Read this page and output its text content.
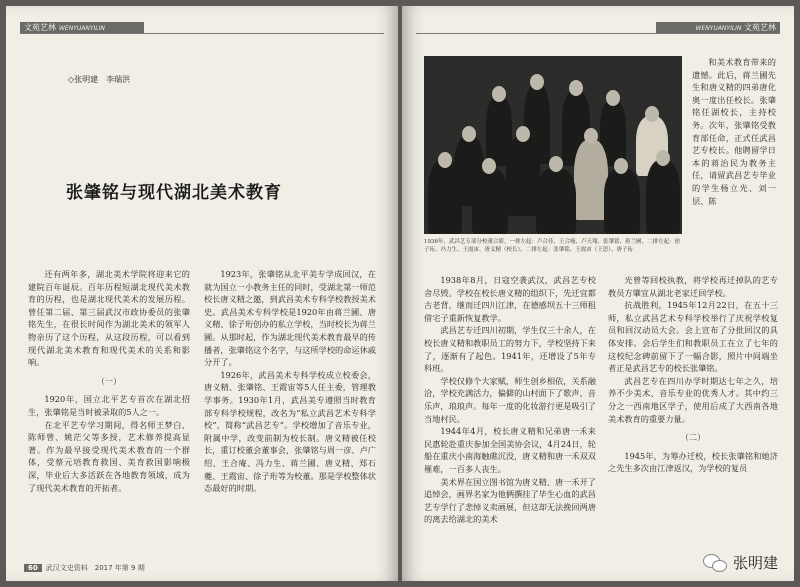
文苑艺林 WENYUANYILIN
◇张明建　李瑞洪
张肇铭与现代湖北美术教育

还有两年多，湖北美术学院将迎来它的建院百年诞辰。百年历程短湖北现代美术教育的历程，也是湖北现代美术的发展历程。曾任第二届、第三届武汉市政协委员的张肇铭先生，在很长时间作为湖北美术的领军人物亲历了这个历程，从这段历程，可以看到现代湖北美术教育和现代美术的关系和影响。

（一）

1920年，国立北平艺专首次在湖北招生，张肇铭是当时被录取的5人之一。

在北平艺专学习期间，得名师王梦白、陈师曾、姚茫父等多授，艺术修养提高显著。作为最早接受现代美术教育的一个群体，受蔡元培教育救国、美育救国影响极深，毕业后大多活跃在各地教育领域，成为了现代美术教育的开拓者。

1923年，张肇铭从北平美专学成回汉，在就为国立一小教务主任的同时，受湖北第一师范校长唐义精之邀，到武昌美术专科学校教授美术史。武昌美术专科学校是1920年由蒋兰圃、唐义精、徐子珩创办的私立学校，当时校长为蒋兰圃。从那时起，作为湖北现代美术教育最早的传播者，张肇铭这个名字，与这所学校的命运休戚分开了。

1926年，武昌美术专科学校成立校委会，唐义精、张肇铭、王霞宙等5人任主委，管理教学事务。1930年1月，武昌美专遵照当时教育部专科学校规程，改名为“私立武昌艺术专科学校”，简称“武昌艺专”。学校增加了音乐专业，附属中学，改变前制为校长制。唐义精被任校长，重订校董会董事会，张肇铭与周一彦、卢广绍、王合庵、冯力生、蒋兰圃、唐义精、郑石夔、王霞宙、徐子珩等为校董。那是学校整体状态最好的时期。

60 武汉文史资料　2017 年第 9 期
WENYUANYILIN 文苑艺林
1936年，武昌艺专部分校董合影。一排左起：卢合佳、王合庵、卢天翔、张肇铭、蒋兰圃、二排左起：徐子珩、冯力生、王霞宙、唐义精（校长）、二排左起：张肇铭、王霞宙（王思）、唐子珩

和美术教育带来的遗憾。此后，蒋兰圃先生和唐义精的四弟唐化奥一度出任校长。张肇铭任湖校长，主持校务。次年，张肇铭受教育部任命，正式任武昌艺专校长。他聘留学日本的蒋治民为教务主任，请留武昌艺专毕业的学生杨立光、刘一层、陈

1938年8月，日寇空袭武汉，武昌艺专校舍尽毁。学校在校长唐义精的组织下，先迁宜都古老背，继而迁四川江津，在德感坝五十三师租借宅子重新恢复教学。

武昌艺专迁四川初期，学生仅三十余人，在校长唐义精和教职员工的努力下，学校坚持下来了，逐渐有了起色。1941年，还增设了5年专科班。

学校仅修个大家赋，师生创乡相依，关系融洽，学校充满活力，偏僻的山村面下了歌声，音乐声，琅琅声。每年一度的化妆游行更是吸引了当地村民。

1944年4月，校长唐义精和兄弟唐一禾来民惠轮赴重庆参加全国美协会议，4月24日，轮船在重庆小南海触礁沉没，唐义精和唐一禾双双罹难，一百多人丧生。

美术界在国立图书馆为唐义精、唐一禾开了追悼会，画界名家为他俩撰挂了毕生心血的武昌艺专学行了悲悼义卖画展，但这却无法挽回两唐的离去给湖北的美术

光曾等回校执教，将学校再迁掉队的艺专教员方肇宜从湖北老家迁回学校。

抗战胜利，1945年12月22日，在五十三师，私立武昌艺术专科学校举行了庆祝学校复员和回汉动员大会。会上宣布了分批回汉的具体安排。会后学生们和教职员工在立了七年的这校纪念碑前留下了一幅合影，照片中间端坐者正是武昌艺专的校长张肇铭。

武昌艺专在四川办学时期达七年之久，培养不少美术、音乐专业的优秀人才。其中约三分之一西南地区学子，使用后成了大西南各地美术教育的重要力量。

（二）

1945年，为筹办迁校，校长张肇铭和她济之先生多次由江津返汉，为学校的复员

张明建
